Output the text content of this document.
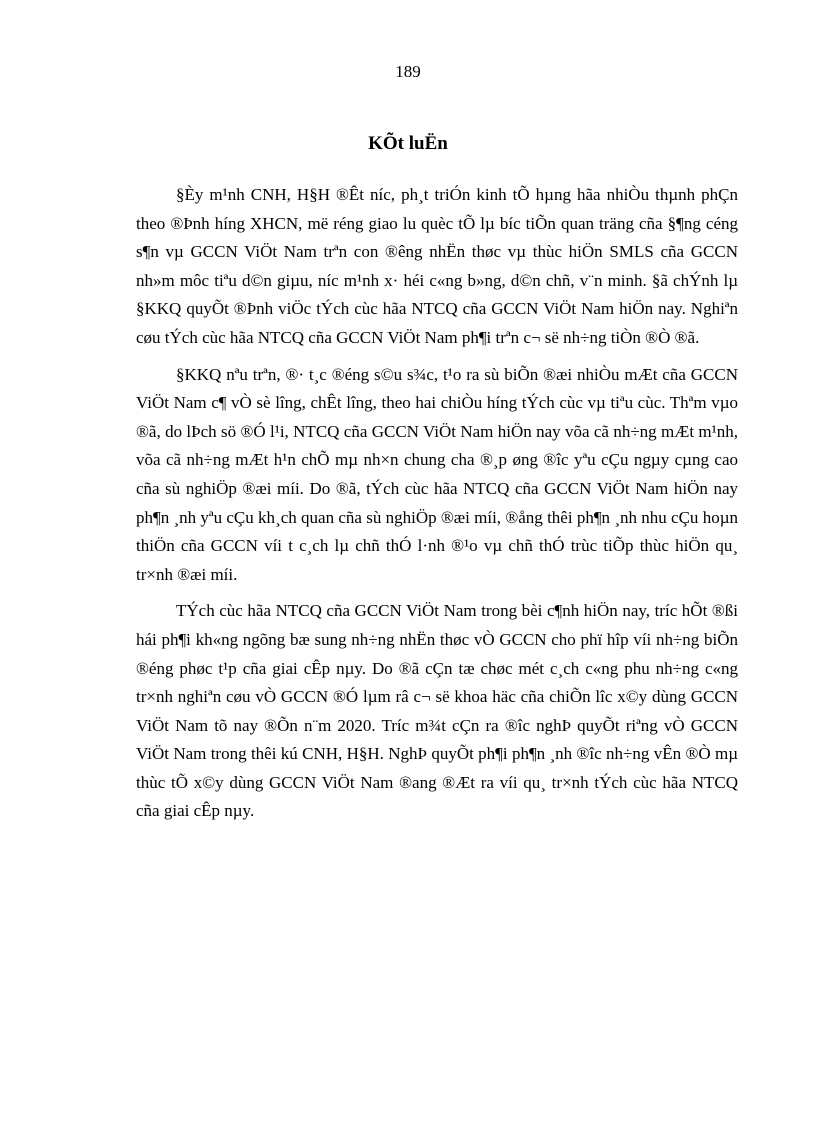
189

KÕt luËn

§Èy m¹nh CNH, H§H ®Êt níc, ph¸t triÓn kinh tÕ hµng hãa nhiÒu thµnh phÇn theo ®Þnh híng XHCN, më réng giao lu quèc tÕ lµ bíc tiÕn quan träng cña §¶ng céng s¶n vµ GCCN ViÖt Nam trªn con ®êng nhËn thøc vµ thùc hiÖn SMLS cña GCCN nh»m môc tiªu d©n giµu, níc m¹nh x· héi c«ng b»ng, d©n chñ, v¨n minh. §ã chÝnh lµ §KKQ quyÕt ®Þnh viÖc tÝch cùc hãa NTCQ cña GCCN ViÖt Nam hiÖn nay. Nghiªn cøu tÝch cùc hãa NTCQ cña GCCN ViÖt Nam ph¶i trªn c¬ së nh÷ng tiÒn ®Ò ®ã.

§KKQ nªu trªn, ®· t¸c ®éng s©u s¾c, t¹o ra sù biÕn ®æi nhiÒu mÆt cña GCCN ViÖt Nam c¶ vÒ sè lîng, chÊt lîng, theo hai chiÒu híng tÝch cùc vµ tiªu cùc. Thªm vµo ®ã, do lÞch sö ®Ó l¹i, NTCQ cña GCCN ViÖt Nam hiÖn nay võa cã nh÷ng mÆt m¹nh, võa cã nh÷ng mÆt h¹n chÕ mµ nh×n chung cha ®¸p øng ®îc yªu cÇu ngµy cµng cao cña sù nghiÖp ®æi míi. Do ®ã, tÝch cùc hãa NTCQ cña GCCN ViÖt Nam hiÖn nay ph¶n ¸nh yªu cÇu kh¸ch quan cña sù nghiÖp ®æi míi, ®ång thêi ph¶n ¸nh nhu cÇu hoµn thiÖn cña GCCN víi t c¸ch lµ chñ thÓ l·nh ®¹o vµ chñ thÓ trùc tiÕp thùc hiÖn qu¸ tr×nh ®æi míi.

TÝch cùc hãa NTCQ cña GCCN ViÖt Nam trong bèi c¶nh hiÖn nay, tríc hÕt ®ßi hái ph¶i kh«ng ngõng bæ sung nh÷ng nhËn thøc vÒ GCCN cho phï hîp víi nh÷ng biÕn ®éng phøc t¹p cña giai cÊp nµy. Do ®ã cÇn tæ chøc mét c¸ch c«ng phu nh÷ng c«ng tr×nh nghiªn cøu vÒ GCCN ®Ó lµm râ c¬ së khoa häc cña chiÕn lîc x©y dùng GCCN ViÖt Nam tõ nay ®Õn n¨m 2020. Tríc m¾t cÇn ra ®îc nghÞ quyÕt riªng vÒ GCCN ViÖt Nam trong thêi kú CNH, H§H. NghÞ quyÕt ph¶i ph¶n ¸nh ®îc nh÷ng vÊn ®Ò mµ thùc tÕ x©y dùng GCCN ViÖt Nam ®ang ®Æt ra víi qu¸ tr×nh tÝch cùc hãa NTCQ cña giai cÊp nµy.
